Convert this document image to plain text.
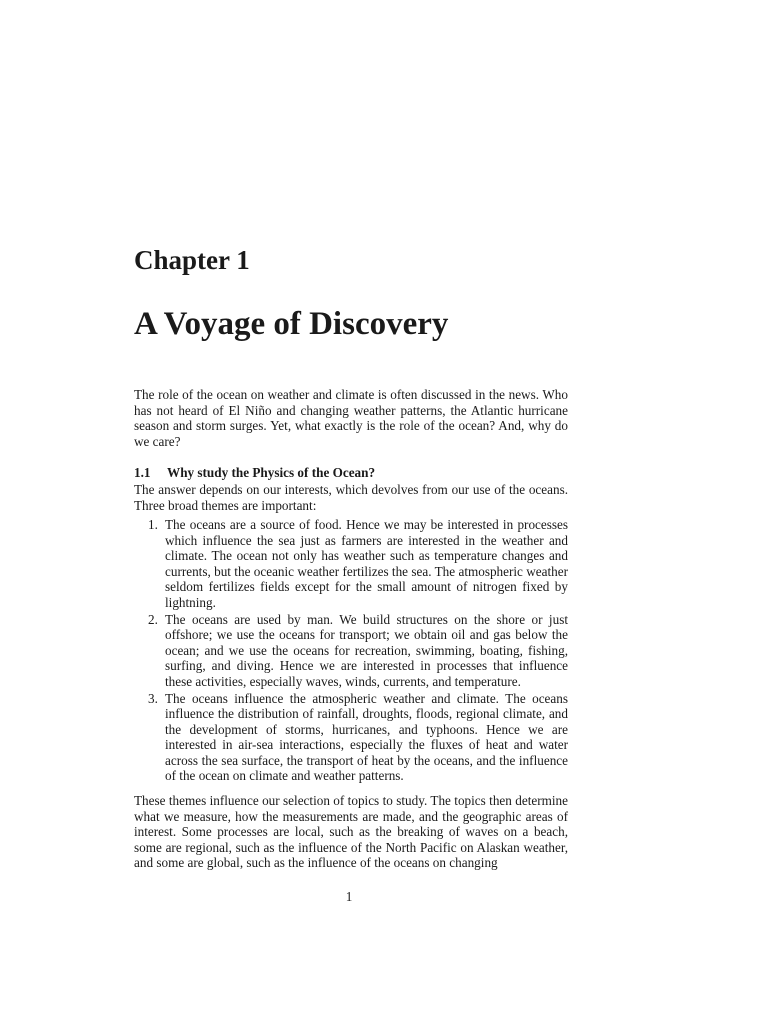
Chapter 1
A Voyage of Discovery

The role of the ocean on weather and climate is often discussed in the news. Who has not heard of El Niño and changing weather patterns, the Atlantic hurricane season and storm surges. Yet, what exactly is the role of the ocean? And, why do we care?

1.1 Why study the Physics of the Ocean?

The answer depends on our interests, which devolves from our use of the oceans. Three broad themes are important:

1. The oceans are a source of food. Hence we may be interested in processes which influence the sea just as farmers are interested in the weather and climate. The ocean not only has weather such as temperature changes and currents, but the oceanic weather fertilizes the sea. The atmospheric weather seldom fertilizes fields except for the small amount of nitrogen fixed by lightning.
2. The oceans are used by man. We build structures on the shore or just offshore; we use the oceans for transport; we obtain oil and gas below the ocean; and we use the oceans for recreation, swimming, boating, fishing, surfing, and diving. Hence we are interested in processes that influence these activities, especially waves, winds, currents, and temperature.
3. The oceans influence the atmospheric weather and climate. The oceans influence the distribution of rainfall, droughts, floods, regional climate, and the development of storms, hurricanes, and typhoons. Hence we are interested in air-sea interactions, especially the fluxes of heat and water across the sea surface, the transport of heat by the oceans, and the influence of the ocean on climate and weather patterns.

These themes influence our selection of topics to study. The topics then determine what we measure, how the measurements are made, and the geographic areas of interest. Some processes are local, such as the breaking of waves on a beach, some are regional, such as the influence of the North Pacific on Alaskan weather, and some are global, such as the influence of the oceans on changing

1
